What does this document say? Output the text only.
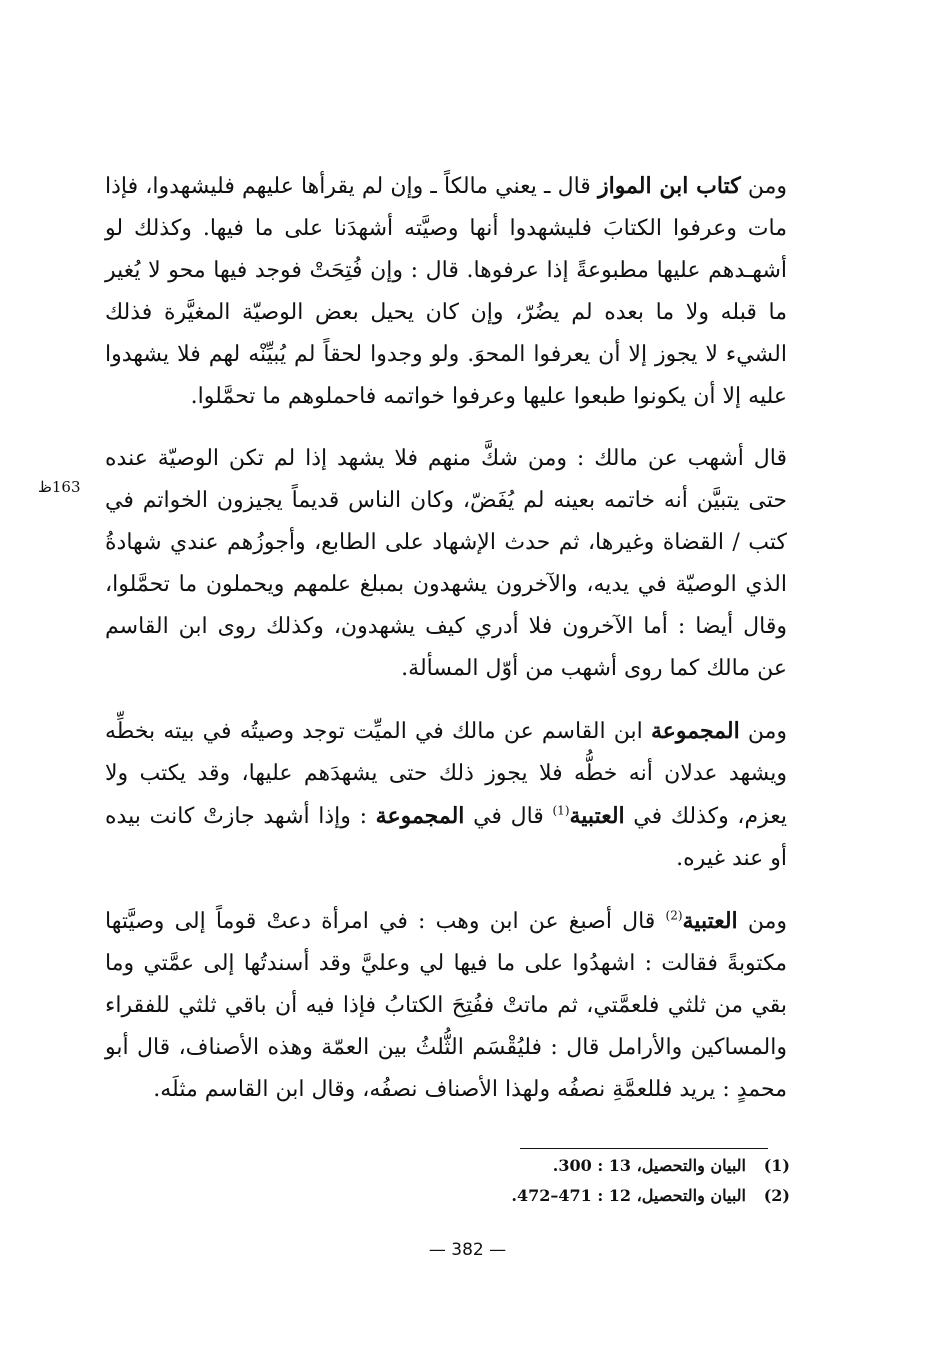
ومن كتاب ابن المواز قال ـ يعني مالكاً ـ وإن لم يقرأها عليهم فليشهدوا، فإذا مات وعرفوا الكتابَ فليشهدوا أنها وصيَّته أشهدَنا على ما فيها. وكذلك لو أشهـدهم عليها مطبوعةً إذا عرفوها. قال : وإن فُتِحَتْ فوجد فيها محو لا يُغير ما قبله ولا ما بعده لم يضُرّ، وإن كان يحيل بعض الوصيّة المغيَّرة فذلك الشيء لا يجوز إلا أن يعرفوا المحوَ. ولو وجدوا لحقاً لم يُبيِّنْه لهم فلا يشهدوا عليه إلا أن يكونوا طبعوا عليها وعرفوا خواتمه فاحملوهم ما تحمَّلوا.

قال أشهب عن مالك : ومن شكَّ منهم فلا يشهد إذا لم تكن الوصيّة عنده حتى يتبيَّن أنه خاتمه بعينه لم يُفَضّ، وكان الناس قديماً يجيزون الخواتم في كتب / القضاة وغيرها، ثم حدث الإشهاد على الطابع، وأجوزُهم عندي شهادةُ الذي الوصيّة في يديه، والآخرون يشهدون بمبلغ علمهم ويحملون ما تحمَّلوا، وقال أيضا : أما الآخرون فلا أدري كيف يشهدون، وكذلك روى ابن القاسم عن مالك كما روى أشهب من أوّل المسألة.

ومن المجموعة ابن القاسم عن مالك في الميِّت توجد وصيتُه في بيته بخطِّه ويشهد عدلان أنه خطُّه فلا يجوز ذلك حتى يشهدَهم عليها، وقد يكتب ولا يعزم، وكذلك في العتبية$^{(1)}$ قال في المجموعة : وإذا أشهد جازتْ كانت بيده أو عند غيره.

ومن العتبية$^{(2)}$ قال أصبغ عن ابن وهب : في امرأة دعتْ قوماً إلى وصيَّتها مكتوبةً فقالت : اشهدُوا على ما فيها لي وعليَّ وقد أسندتُها إلى عمَّتي وما بقي من ثلثي فلعمَّتي، ثم ماتتْ ففُتِحَ الكتابُ فإذا فيه أن باقي ثلثي للفقراء والمساكين والأرامل قال : فليُقْسَم الثُّلثُ بين العمّة وهذه الأصناف، قال أبو محمدٍ : يريد فللعمَّةِ نصفُه ولهذا الأصناف نصفُه، وقال ابن القاسم مثلَه.

163ظ
(1)البيان والتحصيل، 13 : 300.
(2)البيان والتحصيل، 12 : 471–472.
— 382 —
